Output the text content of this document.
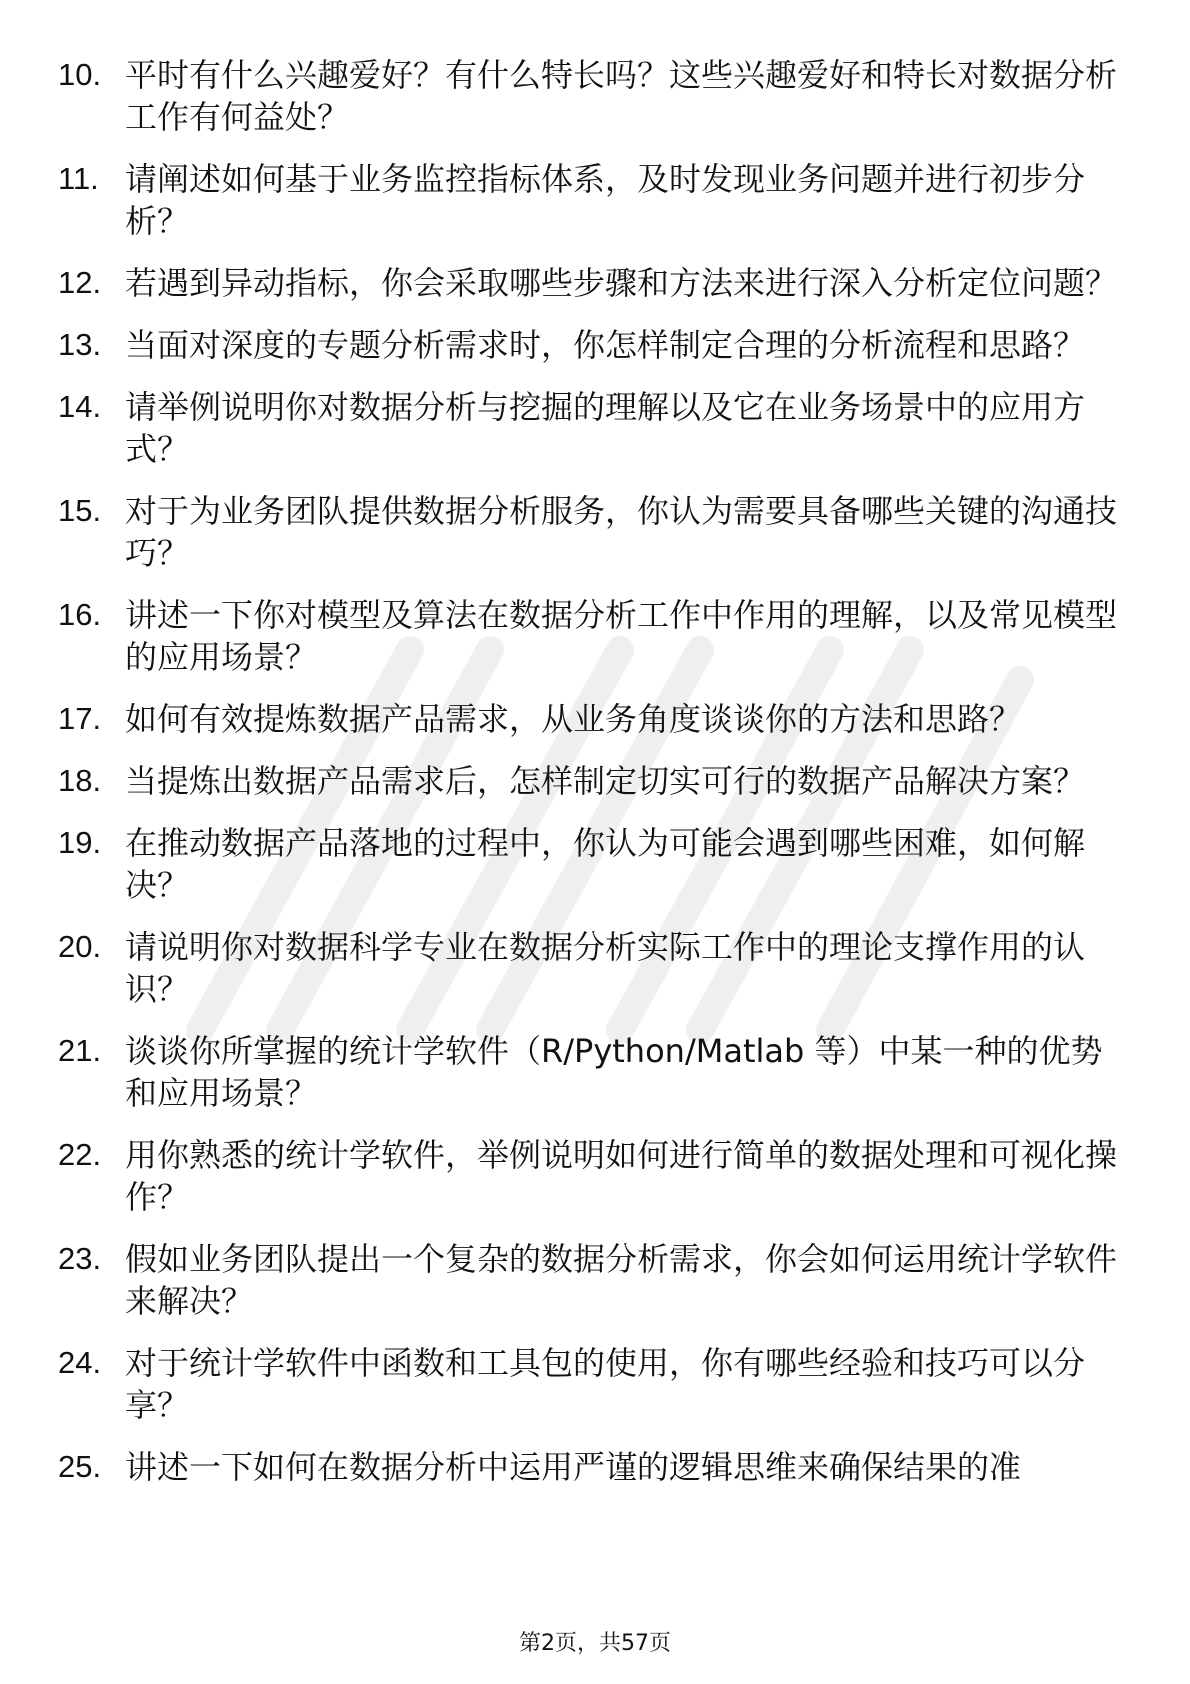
10. 平时有什么兴趣爱好？有什么特长吗？这些兴趣爱好和特长对数据分析工作有何益处？
11. 请阐述如何基于业务监控指标体系，及时发现业务问题并进行初步分析？
12. 若遇到异动指标，你会采取哪些步骤和方法来进行深入分析定位问题？
13. 当面对深度的专题分析需求时，你怎样制定合理的分析流程和思路？
14. 请举例说明你对数据分析与挖掘的理解以及它在业务场景中的应用方式？
15. 对于为业务团队提供数据分析服务，你认为需要具备哪些关键的沟通技巧？
16. 讲述一下你对模型及算法在数据分析工作中作用的理解，以及常见模型的应用场景？
17. 如何有效提炼数据产品需求，从业务角度谈谈你的方法和思路？
18. 当提炼出数据产品需求后，怎样制定切实可行的数据产品解决方案？
19. 在推动数据产品落地的过程中，你认为可能会遇到哪些困难，如何解决？
20. 请说明你对数据科学专业在数据分析实际工作中的理论支撑作用的认识？
21. 谈谈你所掌握的统计学软件（R/Python/Matlab 等）中某一种的优势和应用场景？
22. 用你熟悉的统计学软件，举例说明如何进行简单的数据处理和可视化操作？
23. 假如业务团队提出一个复杂的数据分析需求，你会如何运用统计学软件来解决？
24. 对于统计学软件中函数和工具包的使用，你有哪些经验和技巧可以分享？
25. 讲述一下如何在数据分析中运用严谨的逻辑思维来确保结果的准
第2页，共57页
